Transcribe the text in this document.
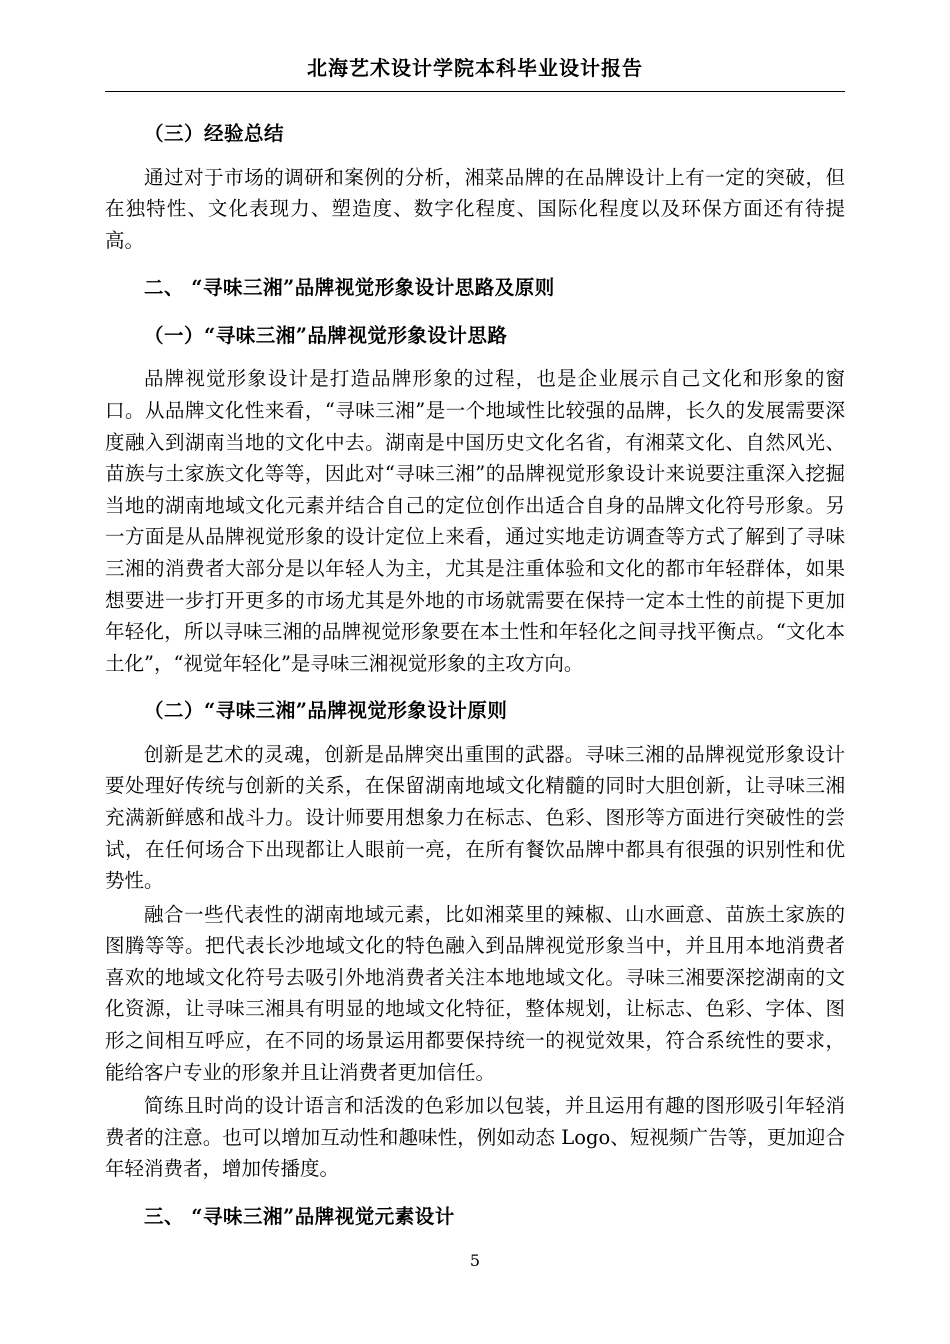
北海艺术设计学院本科毕业设计报告
（三）经验总结

通过对于市场的调研和案例的分析，湘菜品牌的在品牌设计上有一定的突破，但在独特性、文化表现力、塑造度、数字化程度、国际化程度以及环保方面还有待提高。

二、 “寻味三湘”品牌视觉形象设计思路及原则
（一）“寻味三湘”品牌视觉形象设计思路

品牌视觉形象设计是打造品牌形象的过程，也是企业展示自己文化和形象的窗口。从品牌文化性来看，“寻味三湘”是一个地域性比较强的品牌，长久的发展需要深度融入到湖南当地的文化中去。湖南是中国历史文化名省，有湘菜文化、自然风光、苗族与土家族文化等等，因此对“寻味三湘”的品牌视觉形象设计来说要注重深入挖掘当地的湖南地域文化元素并结合自己的定位创作出适合自身的品牌文化符号形象。另一方面是从品牌视觉形象的设计定位上来看，通过实地走访调查等方式了解到了寻味三湘的消费者大部分是以年轻人为主，尤其是注重体验和文化的都市年轻群体，如果想要进一步打开更多的市场尤其是外地的市场就需要在保持一定本土性的前提下更加年轻化，所以寻味三湘的品牌视觉形象要在本土性和年轻化之间寻找平衡点。“文化本土化”，“视觉年轻化”是寻味三湘视觉形象的主攻方向。

（二）“寻味三湘”品牌视觉形象设计原则

创新是艺术的灵魂，创新是品牌突出重围的武器。寻味三湘的品牌视觉形象设计要处理好传统与创新的关系，在保留湖南地域文化精髓的同时大胆创新，让寻味三湘充满新鲜感和战斗力。设计师要用想象力在标志、色彩、图形等方面进行突破性的尝试，在任何场合下出现都让人眼前一亮，在所有餐饮品牌中都具有很强的识别性和优势性。

融合一些代表性的湖南地域元素，比如湘菜里的辣椒、山水画意、苗族土家族的图腾等等。把代表长沙地域文化的特色融入到品牌视觉形象当中，并且用本地消费者喜欢的地域文化符号去吸引外地消费者关注本地地域文化。寻味三湘要深挖湖南的文化资源，让寻味三湘具有明显的地域文化特征，整体规划，让标志、色彩、字体、图形之间相互呼应，在不同的场景运用都要保持统一的视觉效果，符合系统性的要求，能给客户专业的形象并且让消费者更加信任。

简练且时尚的设计语言和活泼的色彩加以包装，并且运用有趣的图形吸引年轻消费者的注意。也可以增加互动性和趣味性，例如动态 Logo、短视频广告等，更加迎合年轻消费者，增加传播度。

三、 “寻味三湘”品牌视觉元素设计
5
